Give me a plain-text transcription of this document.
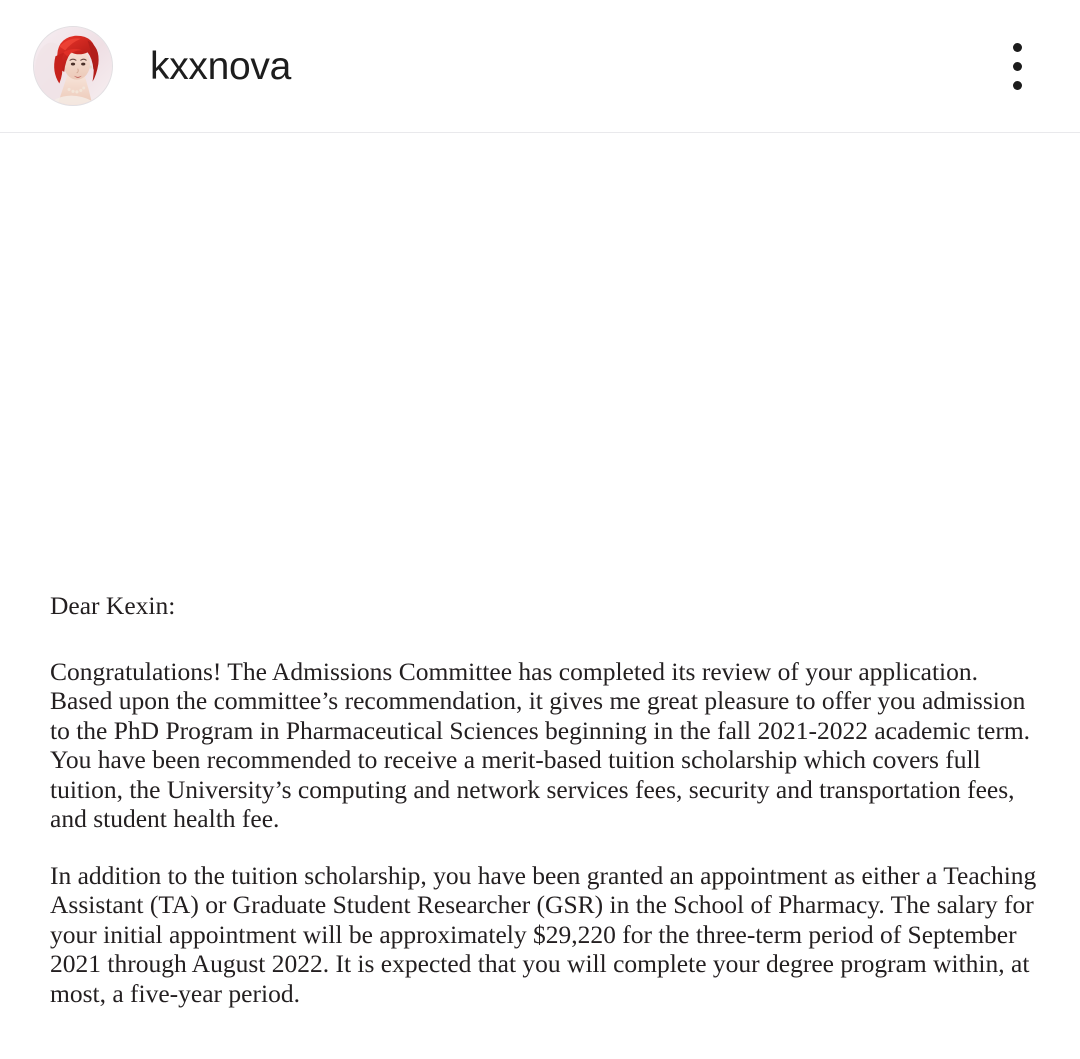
kxxnova

Dear Kexin:

Congratulations! The Admissions Committee has completed its review of your application. Based upon the committee’s recommendation, it gives me great pleasure to offer you admission to the PhD Program in Pharmaceutical Sciences beginning in the fall 2021-2022 academic term. You have been recommended to receive a merit-based tuition scholarship which covers full tuition, the University’s computing and network services fees, security and transportation fees, and student health fee.

In addition to the tuition scholarship, you have been granted an appointment as either a Teaching Assistant (TA) or Graduate Student Researcher (GSR) in the School of Pharmacy. The salary for your initial appointment will be approximately $29,220 for the three-term period of September 2021 through August 2022. It is expected that you will complete your degree program within, at most, a five-year period.
